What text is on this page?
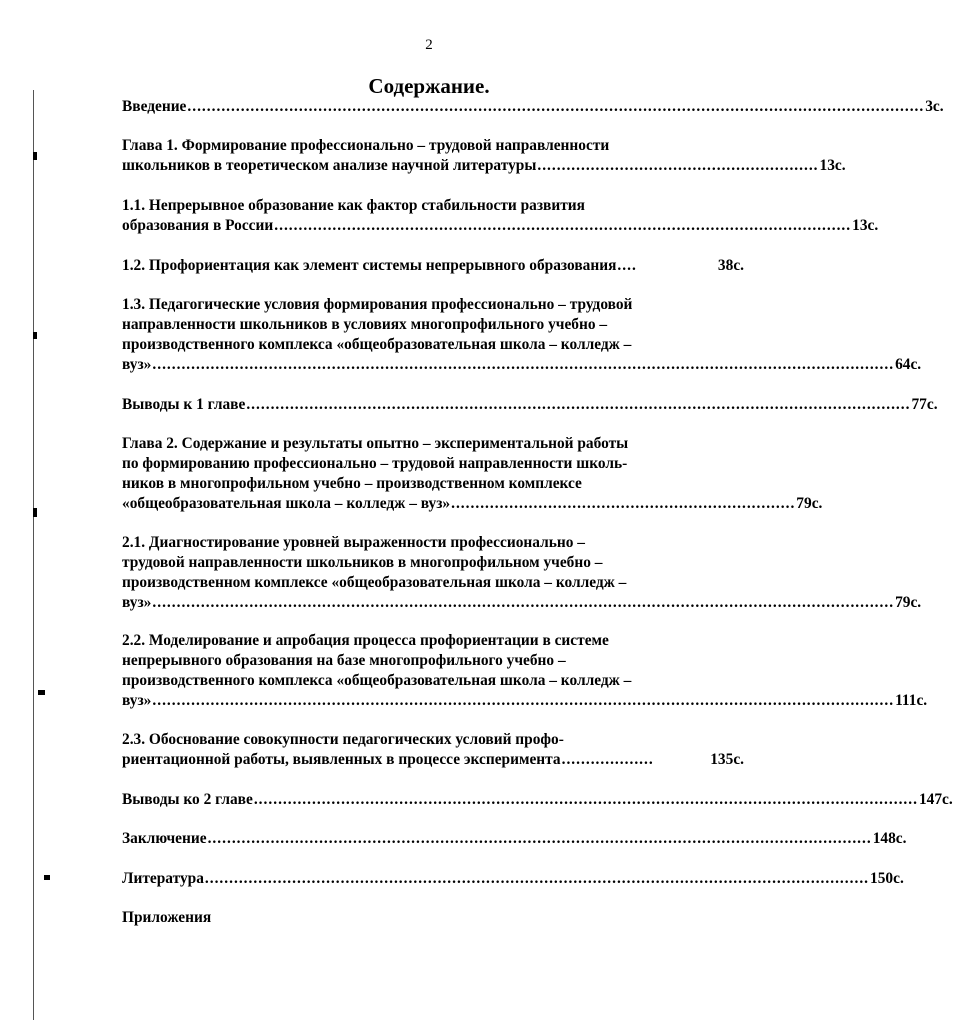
2
Содержание.
Введение ........................................................................................................................................................ 3с.
Глава 1. Формирование профессионально – трудовой направленности
школьников в теоретическом анализе научной литературы .......................................................... 13с.
1.1. Непрерывное образование как фактор стабильности развития
образования в России ....................................................................................................................... 13с.
1.2. Профориентация как элемент системы непрерывного образования ....	38с.
1.3. Педагогические условия формирования профессионально – трудовой
направленности школьников в условиях многопрофильного учебно –
производственного комплекса «общеобразовательная школа – колледж –
вуз» ......................................................................................................................................................... 64с.
Выводы к 1 главе ......................................................................................................................................... 77с.
Глава 2. Содержание и результаты опытно – экспериментальной работы
по формированию профессионально – трудовой направленности школь-
ников в многопрофильном учебно – производственном комплексе
«общеобразовательная школа – колледж – вуз» ....................................................................... 79с.
2.1. Диагностирование уровней выраженности профессионально –
трудовой направленности школьников в многопрофильном учебно –
производственном комплексе «общеобразовательная школа – колледж –
вуз» ......................................................................................................................................................... 79с.
2.2. Моделирование и апробация процесса профориентации в системе
непрерывного образования на базе многопрофильного учебно –
производственного комплекса «общеобразовательная школа – колледж –
вуз» ......................................................................................................................................................... 111с.
2.3. Обоснование совокупности педагогических условий профо-
риентационной работы, выявленных в процессе эксперимента ...................	135с.
Выводы ко 2 главе ......................................................................................................................................... 147с.
Заключение ......................................................................................................................................... 148с.
Литература ......................................................................................................................................... 150с.
Приложения
